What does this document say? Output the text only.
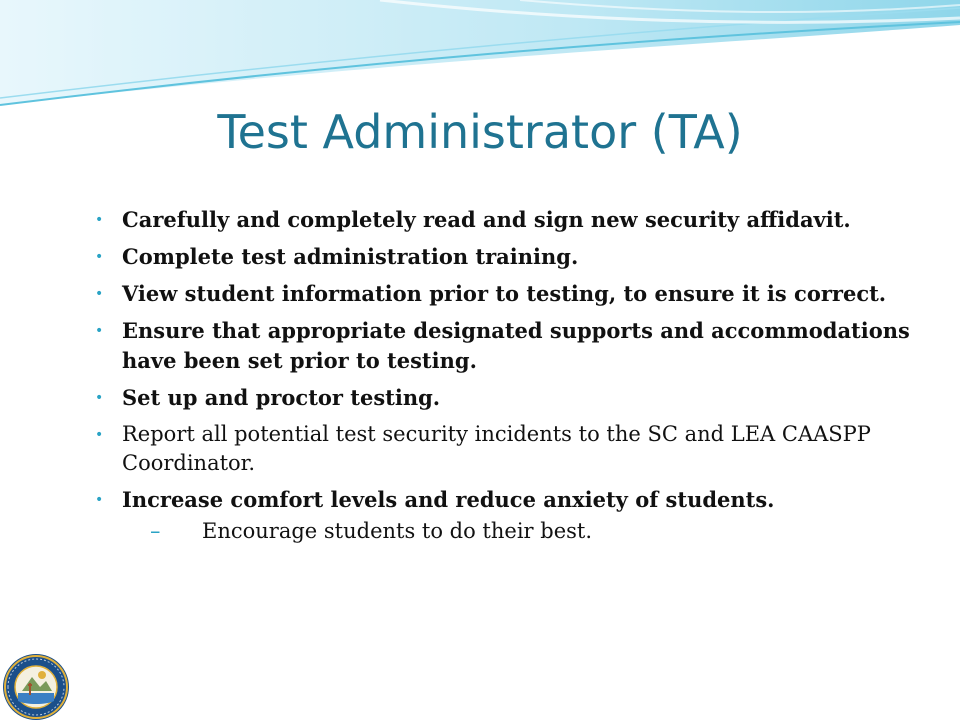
Test Administrator (TA)
• Carefully and completely read and sign new security affidavit.
• Complete test administration training.
• View student information prior to testing, to ensure it is correct.
• Ensure that appropriate designated supports and accommodations have been set prior to testing.
• Set up and proctor testing.
• Report all potential test security incidents to the SC and LEA CAASPP Coordinator.
• Increase comfort levels and reduce anxiety of students.
– Encourage students to do their best.
